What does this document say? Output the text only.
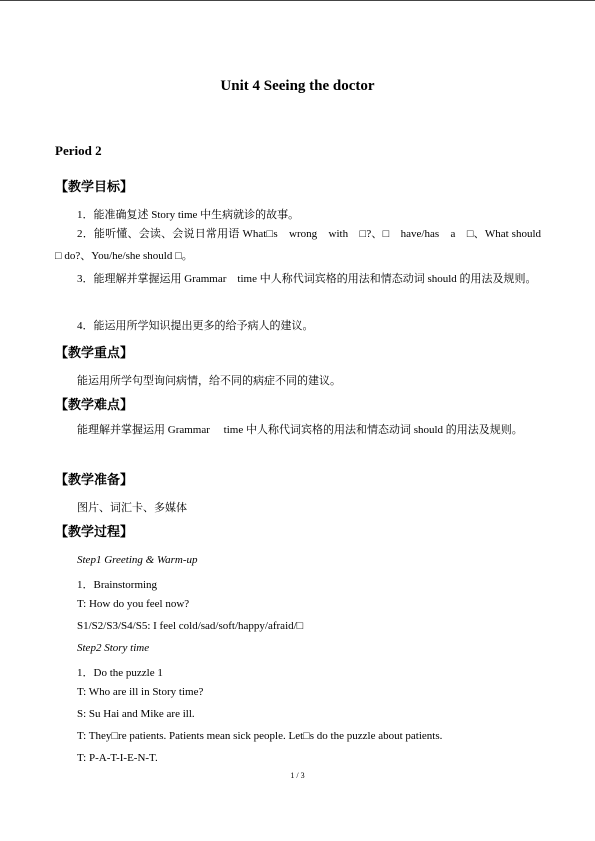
Unit 4 Seeing the doctor
Period 2
【教学目标】
1．能准确复述 Story time 中生病就诊的故事。
2．能听懂、会读、会说日常用语 What□s　wrong　with　□?、□　have/has　a　□、What should □ do?、You/he/she should □。
3．能理解并掌握运用 Grammar　time 中人称代词宾格的用法和情态动词 should 的用法及规则。
4．能运用所学知识提出更多的给予病人的建议。
【教学重点】
能运用所学句型询问病情，给不同的病症不同的建议。
【教学难点】
能理解并掌握运用 Grammar　 time 中人称代词宾格的用法和情态动词 should 的用法及规则。
【教学准备】
图片、词汇卡、多媒体
【教学过程】
Step1 Greeting & Warm-up
1．Brainstorming
T: How do you feel now?
S1/S2/S3/S4/S5: I feel cold/sad/soft/happy/afraid/□
Step2 Story time
1．Do the puzzle 1
T: Who are ill in Story time?
S: Su Hai and Mike are ill.
T: They□re patients. Patients mean sick people. Let□s do the puzzle about patients.
T: P-A-T-I-E-N-T.
1 / 3
